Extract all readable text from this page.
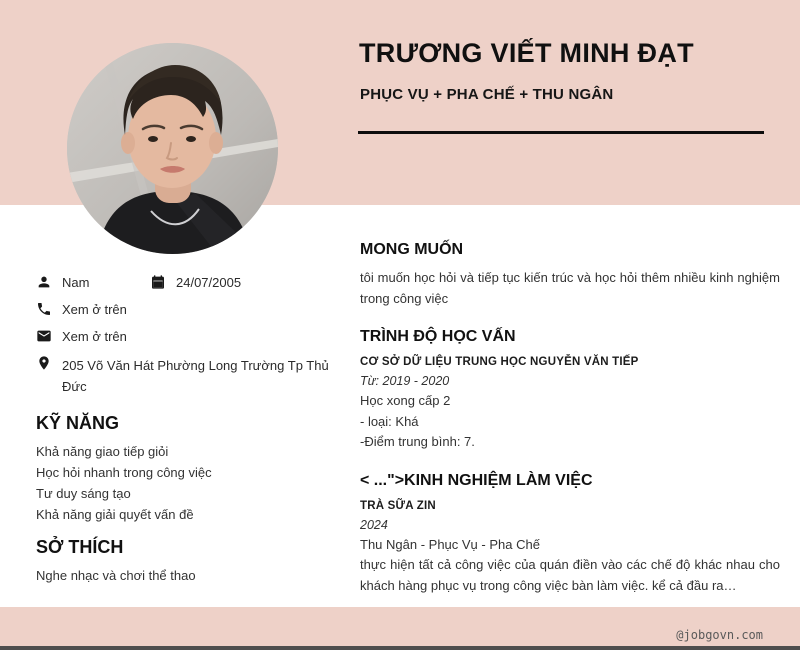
TRƯƠNG VIẾT MINH ĐẠT
PHỤC VỤ + PHA CHẾ + THU NGÂN
Nam	24/07/2005
Xem ở trên
Xem ở trên
205 Võ Văn Hát Phường Long Trường Tp Thủ Đức
KỸ NĂNG
Khả năng giao tiếp giỏi
Học hỏi nhanh trong công việc
Tư duy sáng tạo
Khả năng giải quyết vấn đề
SỞ THÍCH
Nghe nhạc và chơi thể thao
MONG MUỐN
tôi muốn học hỏi và tiếp tục kiến trúc và học hỏi thêm nhiều kinh nghiệm trong công việc
TRÌNH ĐỘ HỌC VẤN
CƠ SỞ DỮ LIỆU TRUNG HỌC NGUYỄN VĂN TIẾP
Từ: 2019 - 2020
Học xong cấp 2
- loại: Khá
-Điểm trung bình: 7.
< ...">KINH NGHIỆM LÀM VIỆC
TRÀ SỮA ZIN
2024
Thu Ngân - Phục Vụ - Pha Chế
thực hiện tất cả công việc của quán điền vào các chế độ khác nhau cho khách hàng phục vụ trong công việc bàn làm việc. kể cả đầu ra…
@jobgovn.com
